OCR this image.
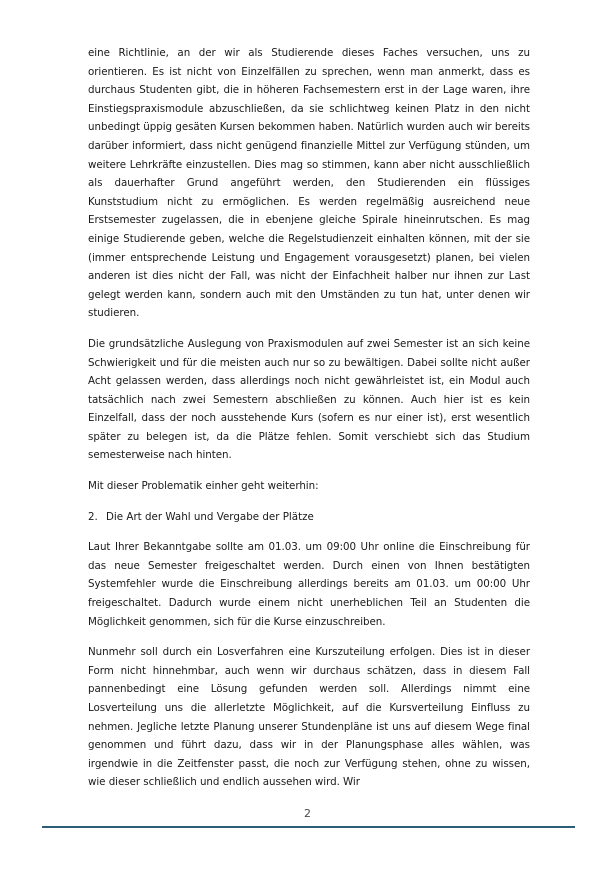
eine Richtlinie, an der wir als Studierende dieses Faches versuchen, uns zu orientieren. Es ist nicht von Einzelfällen zu sprechen, wenn man anmerkt, dass es durchaus Studenten gibt, die in höheren Fachsemestern erst in der Lage waren, ihre Einstiegspraxismodule abzuschließen, da sie schlichtweg keinen Platz in den nicht unbedingt üppig gesäten Kursen bekommen haben. Natürlich wurden auch wir bereits darüber informiert, dass nicht genügend finanzielle Mittel zur Verfügung stünden, um weitere Lehrkräfte einzustellen. Dies mag so stimmen, kann aber nicht ausschließlich als dauerhafter Grund angeführt werden, den Studierenden ein flüssiges Kunststudium nicht zu ermöglichen. Es werden regelmäßig ausreichend neue Erstsemester zugelassen, die in ebenjene gleiche Spirale hineinrutschen. Es mag einige Studierende geben, welche die Regelstudienzeit einhalten können, mit der sie (immer entsprechende Leistung und Engagement vorausgesetzt) planen, bei vielen anderen ist dies nicht der Fall, was nicht der Einfachheit halber nur ihnen zur Last gelegt werden kann, sondern auch mit den Umständen zu tun hat, unter denen wir studieren.

Die grundsätzliche Auslegung von Praxismodulen auf zwei Semester ist an sich keine Schwierigkeit und für die meisten auch nur so zu bewältigen. Dabei sollte nicht außer Acht gelassen werden, dass allerdings noch nicht gewährleistet ist, ein Modul auch tatsächlich nach zwei Semestern abschließen zu können. Auch hier ist es kein Einzelfall, dass der noch ausstehende Kurs (sofern es nur einer ist), erst wesentlich später zu belegen ist, da die Plätze fehlen. Somit verschiebt sich das Studium semesterweise nach hinten.

Mit dieser Problematik einher geht weiterhin:

2. Die Art der Wahl und Vergabe der Plätze

Laut Ihrer Bekanntgabe sollte am 01.03. um 09:00 Uhr online die Einschreibung für das neue Semester freigeschaltet werden. Durch einen von Ihnen bestätigten Systemfehler wurde die Einschreibung allerdings bereits am 01.03. um 00:00 Uhr freigeschaltet. Dadurch wurde einem nicht unerheblichen Teil an Studenten die Möglichkeit genommen, sich für die Kurse einzuschreiben.

Nunmehr soll durch ein Losverfahren eine Kurszuteilung erfolgen. Dies ist in dieser Form nicht hinnehmbar, auch wenn wir durchaus schätzen, dass in diesem Fall pannenbedingt eine Lösung gefunden werden soll. Allerdings nimmt eine Losverteilung uns die allerletzte Möglichkeit, auf die Kursverteilung Einfluss zu nehmen. Jegliche letzte Planung unserer Stundenpläne ist uns auf diesem Wege final genommen und führt dazu, dass wir in der Planungsphase alles wählen, was irgendwie in die Zeitfenster passt, die noch zur Verfügung stehen, ohne zu wissen, wie dieser schließlich und endlich aussehen wird. Wir

2
